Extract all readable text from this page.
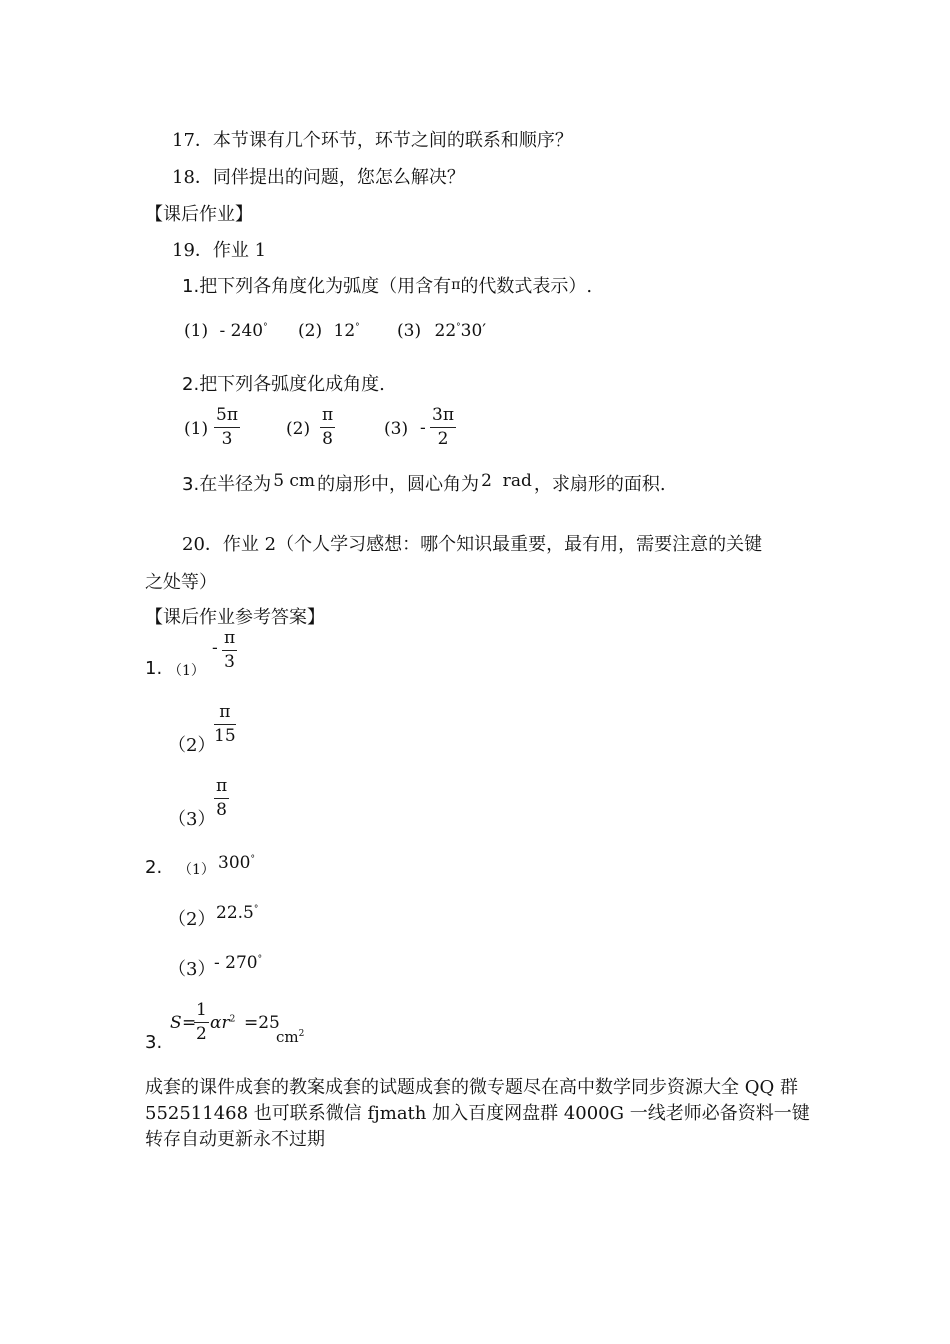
17．本节课有几个环节，环节之间的联系和顺序？
18．同伴提出的问题，您怎么解决？
【课后作业】
19．作业 1
1.把下列各角度化为弧度（用含有π的代数式表示）.
(1) - 240° (2) 12° (3) 22°30′
2.把下列各弧度化成角度.
(1)
5π
3	(2)
π
8	(3) -
3π
2
3.在半径为 5 cm 的扇形中，圆心角为 2  rad ，求扇形的面积.
20．作业 2（个人学习感想：哪个知识最重要，最有用，需要注意的关键
之处等）
【课后作业参考答案】
1. （1）
- π
3
（2）
π
15
（3）
π
8
2. （1） 300°
（2） 22.5°
（3）
- 270°
3.
S =
1
2
$\alpha r^2 =25$
$cm^2$
成套的课件成套的教案成套的试题成套的微专题尽在高中数学同步资源大全 QQ 群 552511468 也可联系微信 fjmath 加入百度网盘群 4000G 一线老师必备资料一键转存自动更新永不过期
